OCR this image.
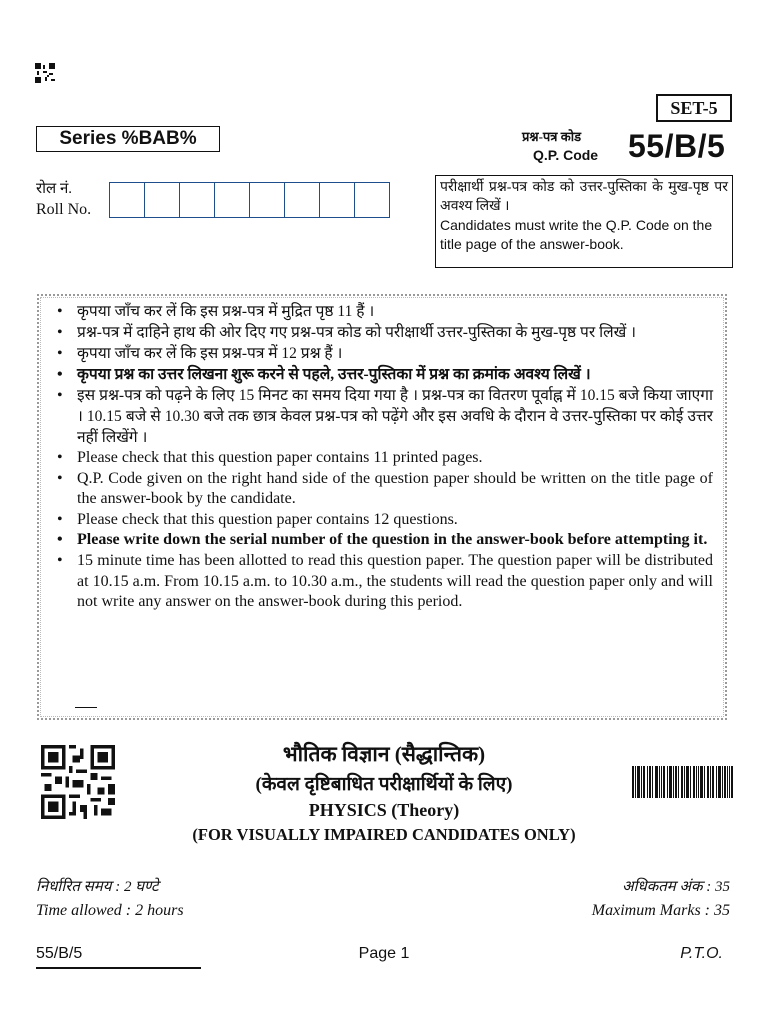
SET-5
Series %BAB%	प्रश्न-पत्र कोड
Q.P. Code 55/B/5
रोल नं.
Roll No.
परीक्षार्थी प्रश्न-पत्र कोड को उत्तर-पुस्तिका के मुख-पृष्ठ पर अवश्य लिखें ।
Candidates must write the Q.P. Code on the title page of the answer-book.
• कृपया जाँच कर लें कि इस प्रश्न-पत्र में मुद्रित पृष्ठ 11 हैं ।
• प्रश्न-पत्र में दाहिने हाथ की ओर दिए गए प्रश्न-पत्र कोड को परीक्षार्थी उत्तर-पुस्तिका के मुख-पृष्ठ पर लिखें ।
• कृपया जाँच कर लें कि इस प्रश्न-पत्र में 12 प्रश्न हैं ।
• कृपया प्रश्न का उत्तर लिखना शुरू करने से पहले, उत्तर-पुस्तिका में प्रश्न का क्रमांक अवश्य लिखें ।
• इस प्रश्न-पत्र को पढ़ने के लिए 15 मिनट का समय दिया गया है । प्रश्न-पत्र का वितरण पूर्वाह्न में 10.15 बजे किया जाएगा । 10.15 बजे से 10.30 बजे तक छात्र केवल प्रश्न-पत्र को पढ़ेंगे और इस अवधि के दौरान वे उत्तर-पुस्तिका पर कोई उत्तर नहीं लिखेंगे ।
• Please check that this question paper contains 11 printed pages.
• Q.P. Code given on the right hand side of the question paper should be written on the title page of the answer-book by the candidate.
• Please check that this question paper contains 12 questions.
• Please write down the serial number of the question in the answer-book before attempting it.
• 15 minute time has been allotted to read this question paper. The question paper will be distributed at 10.15 a.m. From 10.15 a.m. to 10.30 a.m., the students will read the question paper only and will not write any answer on the answer-book during this period.
भौतिक विज्ञान (सैद्धान्तिक)
(केवल दृष्टिबाधित परीक्षार्थियों के लिए)
PHYSICS (Theory)
(FOR VISUALLY IMPAIRED CANDIDATES ONLY)
निर्धारित समय : 2 घण्टे
Time allowed : 2 hours
अधिकतम अंक : 35
Maximum Marks : 35
55/B/5	Page 1	P.T.O.
